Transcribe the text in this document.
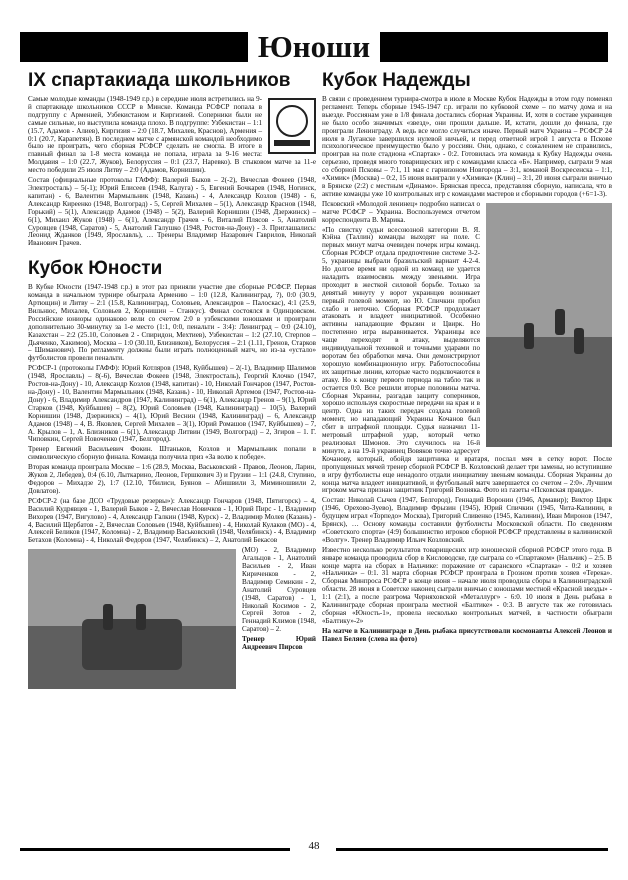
Юноши
IX спартакиада школьников

Самые молодые команды (1948-1949 г.р.) в середине июля встретились на 9-й спартакиаде школьников СССР в Минске. Команда РСФСР попала в подгруппу с Арменией, Узбекистаном и Киргизией. Соперники были не самые сильные, но выступила команда плохо. В подгруппе: Узбекистан – 1:1 (15.7, Адамов - Алиев), Киргизия – 2:0 (18.7, Михалев, Краснов), Армения – 0:1 (20.7, Карапетян). В последнем матче с армянской командой необходимо было не проиграть, чего сборная РСФСР сделать не смогла. В итоге в главный финал за 1-8 места команда не попала, играла за 9-16 места: Молдавия – 1:0 (22.7, Жуков), Белоруссия – 0:1 (23.7, Наревко). В стыковом матче за 11-е место победили 25 июля Литву – 2:0 (Адамов, Корнишин).

Состав (официальные протоколы ГАФФ): Валерий Быков – 2(-2), Вячеслав Фокеев (1948, Электросталь) – 5(-1); Юрий Елисеев (1948, Калуга) - 5, Евгений Бочкарев (1948, Ногинск, капитан) - 6, Валентин Мармыльник (1948, Казань) - 4, Александр Козлов (1948) - 6, Александр Киреенко (1948, Волгоград) - 5, Сергей Михалев – 5(1), Александр Краснов (1948, Горький) – 5(1), Александр Адамов (1948) – 5(2), Валерий Корнишин (1948, Дзержинск) – 6(1), Михаил Жуков (1948) – 6(1), Александр Грачев - 6, Виталий Плясов - 5, Анатолий Суровцев (1948, Саратов) - 5, Анатолий Галушко (1948, Ростов-на-Дону) - 3. Приглашались: Леонид Жданков (1949, Ярославль), … Тренеры Владимир Назарович Гаврилов, Николай Иванович Грачев.

Кубок Юности

В Кубке Юности (1947-1948 г.р.) в этот раз приняли участие две сборные РСФСР. Первая команда в начальном турнире обыграла Армению – 1:0 (12.8, Калининград, ?), 0:0 (30.9, Артющин) и Литву – 2:1 (15.8, Калининград, Соловьев, Александров – Палоскас), 4:1 (25.9, Вильнюс, Михалев, Соловьев 2, Корнишин – Станкус). Финал состоялся в Одинцовском. Российские юниоры одинаково вели со счетом 2:0 в узбекскими юношами и проиграли дополнительно 30-минутку за 1-е место (1:1, 0:0, пенальти - 3:4): Ленинград – 0:0 (24.10), Казахстан – 2:2 (25.10, Соловьев 2 - Спиридон, Мехтиев), Узбекистан – 1:2 (27.10, Стерпов – Дьяченко, Хакимов), Москва – 1:0 (30.10, Близников), Белоруссия – 2:1 (1.11, Гренов, Старков – Шиманович). По регламенту должны были играть полноценный матч, но из-за «устало» футболистов провели пенальти.

РСФСР-1 (протоколы ГАФФ): Юрий Котляров (1948, Куйбышев) – 2(-1), Владимир Шалимов (1948, Ярославль) – 8(-6), Вячеслав Фокеев (1948, Электросталь), Георгий Клочко (1947, Ростов-на-Дону) - 10, Александр Козлов (1948, капитан) - 10, Николай Гончаров (1947, Ростов-на-Дону) - 10, Валентин Мармыльник (1948, Казань) - 10, Николай Артемов (1947, Ростов-на-Дону) - 6, Владимир Александров (1947, Калининград) – 6(1), Александр Гренов – 9(1), Юрий Старков (1948, Куйбышев) – 8(2), Юрий Соловьев (1948, Калининград) – 10(5), Валерий Корнишин (1948, Дзержинск) – 4(1), Юрий Веснин (1948, Калининград) – 6, Александр Адамов (1948) – 4, В. Яковлев, Сергей Михалев – 3(1), Юрий Ромашов (1947, Куйбышев) – 7, А. Крылов – 1, А. Близников – 6(1), Александр Литвин (1949, Волгоград) – 2, Згиров – 1. Г. Чиповкин, Сергей Новоченко (1947, Белгород).

Тренер Евгений Васильевич Фокин. Штаньков, Козлов и Мармыльник попали в символическую сборную финала. Команда получила приз «За волю к победе».

Вторая команда проиграла Москве – 1:6 (28.9, Москва, Васьковский - Правов, Леонов, Ларин, Жуков 2, Лебедев), 0:4 (6.10, Лыткарино, Леонов, Гершкович 3) и Грузии – 1:1 (24.8, Ступино, Федоров – Михадзе 2), 1:7 (12.10, Тбилиси, Буянов – Абишвили 3, Миминошвили 2, Довлатов).

РСФСР-2 (на базе ДСО «Трудовые резервы»): Александр Гончаров (1948, Пятигорск) – 4, Василий Кудрявцев - 1, Валерий Быков - 2, Вячеслав Новичков - 1, Юрий Пирс - 1, Владимир Вихорев (1947, Вигулово) - 4, Александр Галкин (1948, Курск) - 2, Владимир Молев (Казань) - 4, Василий Щербатов - 2, Вячеслав Соловьев (1948, Куйбышев) - 4, Николай Кулаков (МО) - 4, Алексей Беликов (1947, Коломна) - 2, Владимир Васьковский (1948, Челябинск) - 4, Владимир Бетахов (Коломна) - 4, Николай Федоров (1947, Челябинск) – 2, Анатолий Бекасов

(МО) - 2, Владимир Агальцов - 1, Анатолий Васильев - 2, Иван Кириченков - 2, Владимир Семикин - 2, Анатолий Суровцев (1948, Саратов) - 1, Николай Косимов - 2, Сергей Зотов - 2, Геннадий Климов (1948, Саратов) – 2.

Тренер Юрий Андреевич Пирсов

Кубок Надежды

В связи с проведением турнира-смотра в июле в Москве Кубок Надежды в этом году поменял регламент. Теперь сборные 1945-1947 г.р. играли по кубковой схеме – по матчу дома и на выезде. Россиянам уже в 1/8 финала достались сборная Украины. И, хотя в составе украинцев не было особо значимых «звезд», они прошли дальше. И, кстати, дошли до финала, где проиграли Ленинграду. А ведь все могло случиться иначе. Первый матч Украина – РСФСР 24 июля в Луганске завершился нулевой ничьей, и перед ответной игрой 1 августа в Пскове психологическое преимущество было у россиян. Они, однако, с сожалением не справились, проиграв на поле стадиона «Спартак» - 0:2. Готовилась эта команда к Кубку Надежды очень серьезно, проведя много товарищеских игр с командами класса «Б». Например, сыграли 9 мая со сборной Псковы – 7:1, 11 мая с гарнизоном Новгорода – 3:1, команой Воскресенска – 1:1, «Химик» (Москва) – 0:2, 15 июня выиграли у «Химика» (Клин) – 3:1, 20 июня сыграли вничью в Брянске (2:2) с местным «Динамо». Брянская пресса, представляя сборную, написала, что в активе команды уже 10 контрольных игр с командами мастеров и сборными городов (+6=1-3).

Псковский «Молодой ленинец» подробно написал о матче РСФСР – Украина. Воспользуемся отчетом корреспондента В. Марика.

«По свистку судьи всесоюзной категории В. Я. Кэйна (Таллин) команды выходят на поле. С первых минут матча очевиден почерк игры команд. Сборная РСФСР отдала предпочтение системе 3-2-5, украинцы выбрали бразильский вариант 4-2-4. Но долгое время ни одной из команд не удается наладить взаимосвязь между звеньями. Игра проходит в жесткой силовой борьбе. Только за девятый минуту у ворот украинцев возникает первый голевой момент, но Ю. Спичкин пробил слабо и неточно. Сборная РСФСР продолжает атаковать и владеет инициативой. Особенно активны нападающие Фрызин и Цвирк. Но постепенно игра выравнивается. Украинцы все чаще переходят в атаку, выделяются индивидуальной техникой и точными ударами по воротам без обработки мяча. Они демонстрируют хорошую комбинационную игру. Работоспособны их защитные линии, которые часто подключаются в атаку. Но к концу первого периода на табло так и остается 0:0. Все решили вторые половины матча. Сборная Украины, разгадав защиту соперников, хорошо используя скоростные передачи на края и в центр. Одна из таких передач создала голевой момент, но нападающий Украины Кочанов был сбит в штрафной площади. Судья назначил 11-метровый штрафной удар, который четко реализовал Шмонов. Это случилось на 16-й минуте, а на 19-й украинец Вовяков точно адресует Кочанову, который, обойдя защитника и вратаря, послал мяч в сетку ворот. После пропущенных мячей тренер сборной РСФСР В. Козловский делает три замены, но вступившие в игру футболисты еще ненадолго отдали инициативу звеньям команды. Сборная Украины до конца матча владеет инициативой, и футбольный матч завершается со счетом – 2:0». Лучшим игроком матча признан защитник Григорий Возняка. Фото из газеты «Псковская правда».

Состав: Николай Сычев (1947, Белгород), Геннадий Воронин (1946, Армавир); Виктор Цирк (1946, Орехово-Зуево), Владимир Фрызин (1945), Юрий Спичкин (1945, Чита-Калинин, в будущем играл «Торпедо» Москва), Григорий Сливенко (1945, Калинин), Иван Миронов (1947, Брянск), … Основу команды составили футболисты Московской области. По сведениям «Советского спорта» (4:9) большинство игроков сборной РСФСР представлены в калининской «Волгу». Тренер Владимир Ильич Козловский.

Известно несколько результатов товарищеских игр юношеской сборной РСФСР этого года. В январе команда проводила сбор в Кисловодске, где сыграла со «Спартаком» (Нальчик) – 2:5. В конце марта на сборах в Нальчике: поражение от саранского «Спартака» - 0:2 и хозяев «Нальчика» – 0:1. 31 марта сборная РСФСР проиграла в Грозном против хозяев «Терека». Сборная Минпроса РСФСР в конце июня – начале июля проводила сборы в Калининградской области. 28 июня в Советске наконец сыграли вничью с юношами местной «Красной звезды» - 1:1 (2:1), а после разгрома Черняховской «Металлург» - 6:0. 10 июля в День рыбака в Калининграде сборная проиграла местной «Балтике» - 0:3. В августе так же готовилась сборная «Юность-1», провела несколько контрольных матчей, в частности обыграли «Балтику»-2»

На матче в Калининграде в День рыбака присутствовали космонавты Алексей Леонов и Павел Беляев (слева на фото)

48
